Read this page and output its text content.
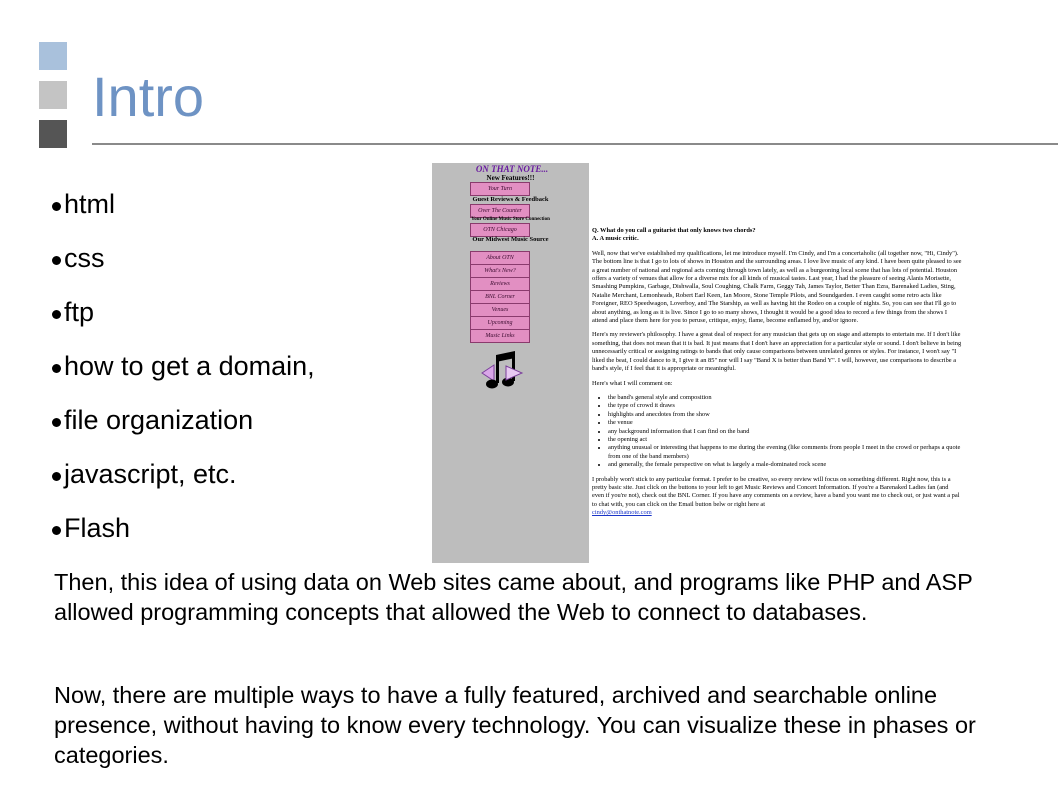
Intro
html
css
ftp
how to get a domain,
file organization
javascript, etc.
Flash
ON THAT NOTE...
New Features!!!
Your Turn
Guest Reviews & Feedback
Over The Counter
Your Online Music Store Connection
OTN Chicago
Our Midwest Music Source
About OTN
What's New?
Reviews
BNL Corner
Venues
Upcoming
Music Links
Q. What do you call a guitarist that only knows two chords?
A. A music critic.

Well, now that we've established my qualifications, let me introduce myself. I'm Cindy, and I'm a concertaholic (all together now, "Hi, Cindy"). The bottom line is that I go to lots of shows in Houston and the surrounding areas. I love live music of any kind. I have been quite pleased to see a great number of national and regional acts coming through town lately, as well as a burgeoning local scene that has lots of potential. Houston offers a variety of venues that allow for a diverse mix for all kinds of musical tastes. Last year, I had the pleasure of seeing Alanis Morisette, Smashing Pumpkins, Garbage, Dishwalla, Soul Coughing, Chalk Farm, Geggy Tah, James Taylor, Better Than Ezra, Barenaked Ladies, Sting, Natalie Merchant, Lemonheads, Robert Earl Keen, Ian Moore, Stone Temple Pilots, and Soundgarden. I even caught some retro acts like Foreigner, REO Speedwagon, Loverboy, and The Starship, as well as having hit the Rodeo on a couple of nights. So, you can see that I'll go to about anything, as long as it is live. Since I go to so many shows, I thought it would be a good idea to record a few things from the shows I attend and place them here for you to peruse, critique, enjoy, flame, become enflamed by, and/or ignore.

Here's my reviewer's philosophy. I have a great deal of respect for any musician that gets up on stage and attempts to entertain me. If I don't like something, that does not mean that it is bad. It just means that I don't have an appreciation for a particular style or sound. I don't believe in being unnecessarily critical or assigning ratings to bands that only cause comparisons between unrelated genres or styles. For instance, I won't say "I liked the beat, I could dance to it, I give it an 85" nor will I say "Band X is better than Band Y". I will, however, use comparisons to describe a band's style, if I feel that it is appropriate or meaningful.

Here's what I will comment on:

• the band's general style and composition
• the type of crowd it draws
• highlights and anecdotes from the show
• the venue
• any background information that I can find on the band
• the opening act
• anything unusual or interesting that happens to me during the evening (like comments from people I meet in the crowd or perhaps a quote from one of the band members)
• and generally, the female perspective on what is largely a male-dominated rock scene

I probably won't stick to any particular format. I prefer to be creative, so every review will focus on something different. Right now, this is a pretty basic site. Just click on the buttons to your left to get Music Reviews and Concert Information. If you're a Barenaked Ladies fan (and even if you're not), check out the BNL Corner. If you have any comments on a review, have a band you want me to check out, or just want a pal to chat with, you can click on the Email button belw or right here at
cindy@onthatnote.com

Then, this idea of using data on Web sites came about, and programs like PHP and ASP allowed programming concepts that allowed the Web to connect to databases.

Now, there are multiple ways to have a fully featured, archived and searchable online presence, without having to know every technology. You can visualize these in phases or categories.
